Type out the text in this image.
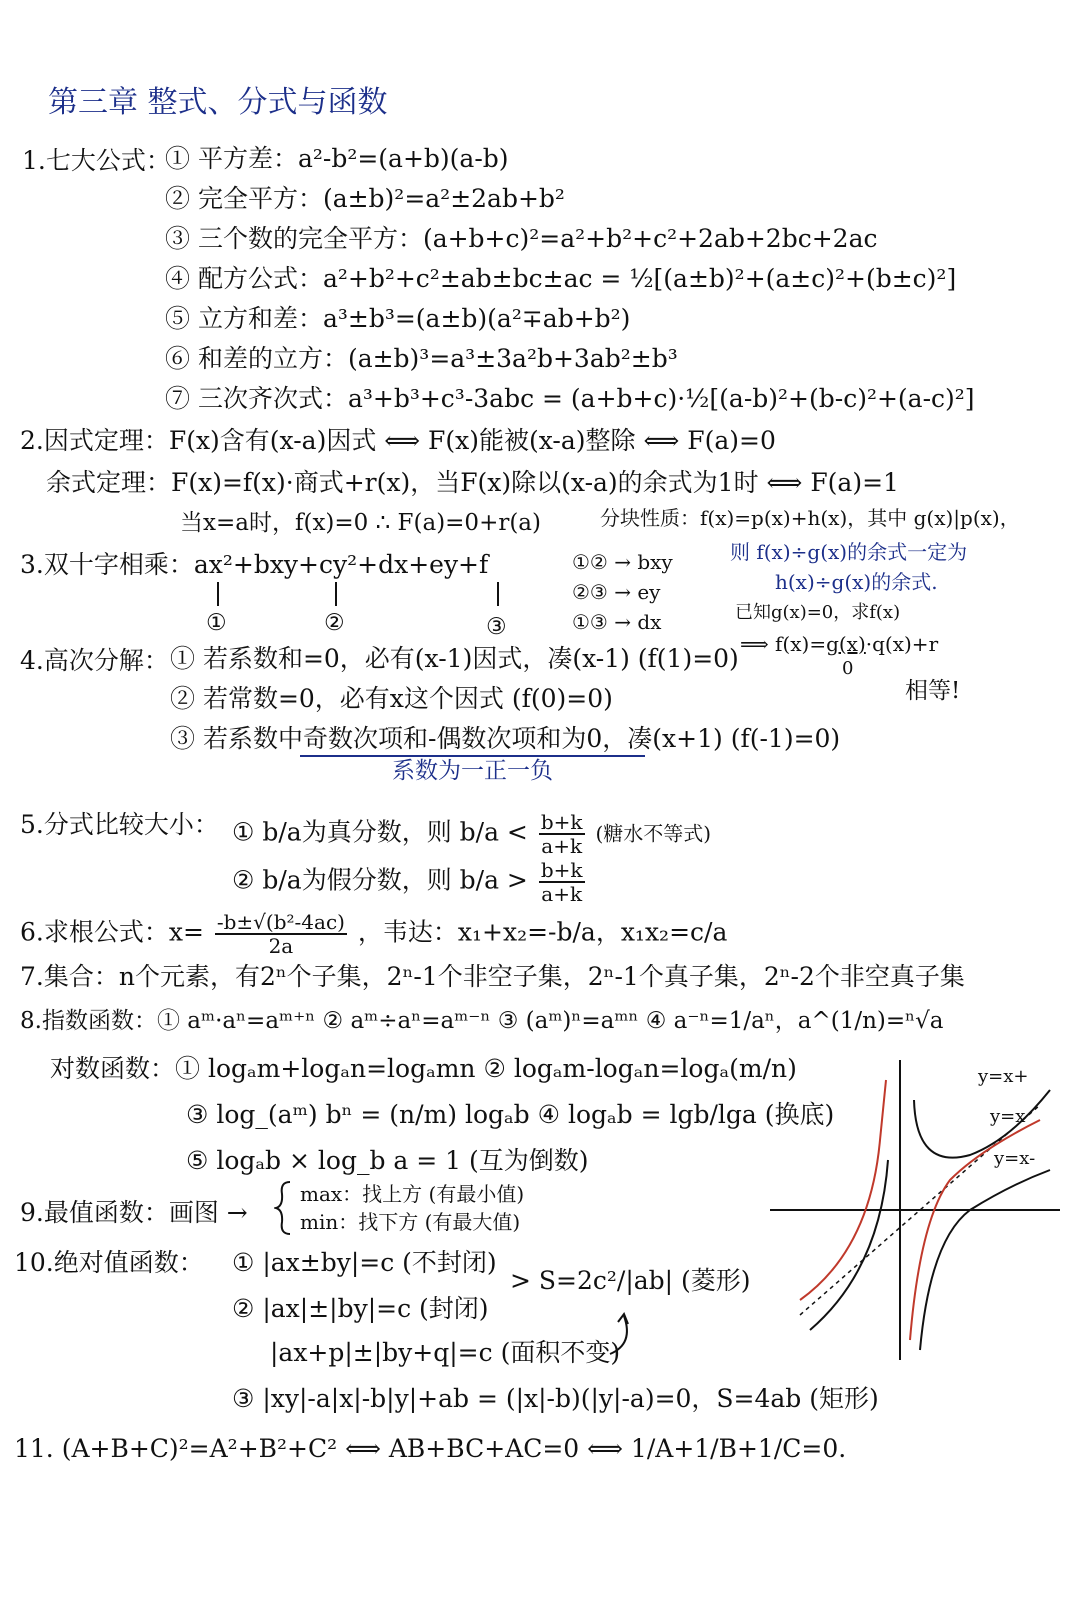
第三章 整式、分式与函数
1.七大公式：
① 平方差：a²-b²=(a+b)(a-b)
② 完全平方：(a±b)²=a²±2ab+b²
③ 三个数的完全平方：(a+b+c)²=a²+b²+c²+2ab+2bc+2ac
④ 配方公式：a²+b²+c²±ab±bc±ac = ½[(a±b)²+(a±c)²+(b±c)²]
⑤ 立方和差：a³±b³=(a±b)(a²∓ab+b²)
⑥ 和差的立方：(a±b)³=a³±3a²b+3ab²±b³
⑦ 三次齐次式：a³+b³+c³-3abc = (a+b+c)·½[(a-b)²+(b-c)²+(a-c)²]
2.因式定理：F(x)含有(x-a)因式 ⟺ F(x)能被(x-a)整除 ⟺ F(a)=0
余式定理：F(x)=f(x)·商式+r(x)，当F(x)除以(x-a)的余式为1时 ⟺ F(a)=1
当x=a时，f(x)=0 ∴ F(a)=0+r(a)	分块性质：f(x)=p(x)+h(x)，其中 g(x)|p(x)，
则 f(x)÷g(x)的余式一定为
h(x)÷g(x)的余式.
已知g(x)=0，求f(x)
⟹ f(x)=g(x)·q(x)+r
0
相等!
3.双十字相乘：ax²+bxy+cy²+dx+ey+f
①	②	③
①② → bxy
②③ → ey
①③ → dx
4.高次分解： ① 若系数和=0，必有(x-1)因式，凑(x-1) (f(1)=0)
② 若常数=0，必有x这个因式 (f(0)=0)
③ 若系数中奇数次项和-偶数次项和为0，凑(x+1) (f(-1)=0)
系数为一正一负
5.分式比较大小： ① b/a为真分数，则 $b/a < \frac{b+k}{a+k}$ (糖水不等式)
② b/a为假分数，则 $b/a > \frac{b+k}{a+k}$
6.求根公式：$x= \frac{\text{-b±√(b²-4ac)}}{2a}$ ，韦达：x₁+x₂=-b/a，x₁x₂=c/a
7.集合：n个元素，有2ⁿ个子集，2ⁿ-1个非空子集，2ⁿ-1个真子集，2ⁿ-2个非空真子集
8.指数函数：① aᵐ·aⁿ=aᵐ⁺ⁿ ② aᵐ÷aⁿ=aᵐ⁻ⁿ ③ (aᵐ)ⁿ=aᵐⁿ ④ a⁻ⁿ=1/aⁿ，a^(1/n)=ⁿ√a
对数函数：① logₐm+logₐn=logₐmn ② logₐm-logₐn=logₐ(m/n)
③ log_(aᵐ) bⁿ = (n/m) logₐb ④ logₐb = lgb/lga (换底)
⑤ logₐb × log_b a = 1 (互为倒数)
9.最值函数：画图 →
max：找上方 (有最小值)
min：找下方 (有最大值)
10.绝对值函数： ① |ax±by|=c (不封闭)
② |ax|±|by|=c (封闭)
|ax+p|±|by+q|=c (面积不变)
> S=2c²/|ab| (菱形)
③ |xy|-a|x|-b|y|+ab = (|x|-b)(|y|-a)=0，S=4ab (矩形)
11. (A+B+C)²=A²+B²+C² ⟺ AB+BC+AC=0 ⟺ 1/A+1/B+1/C=0.
y=x+
y=x
y=x-
